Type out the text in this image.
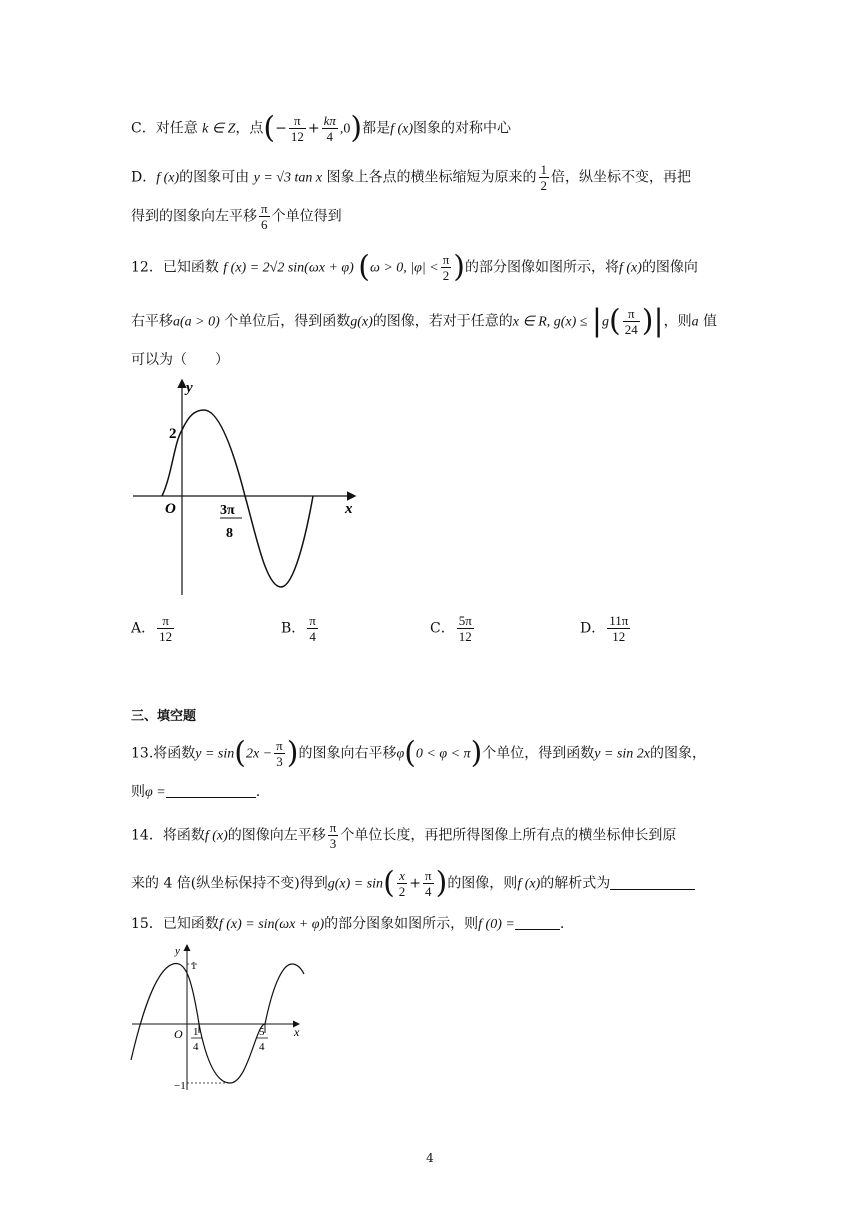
C．对任意 k ∈ Z，点(− $\frac{\pi}{12} + \frac{k\pi}{4} ,0$)都是f (x)图象的对称中心
D．f (x)的图象可由 y = √3 tan x 图象上各点的横坐标缩短为原来的 $\frac{1}{2}$ 倍，纵坐标不变，再把
得到的图象向左平移 $\frac{\pi}{6}$ 个单位得到
12．已知函数 f (x) = 2√2 sin(ωx + φ) (ω > 0, $|\varphi| < \frac{\pi}{2}$ )的部分图像如图所示，将f (x)的图像向
右平移a(a > 0) 个单位后，得到函数g(x)的图像，若对于任意的x ∈ R, $g(x) \le |g( \frac{\pi}{24}$ )|，则a 值
可以为（　　）
y
x
O
2
3π
8
A． $\frac{\pi}{12}$	B． $\frac{\pi}{4}$	C． $\frac{5\pi}{12}$	D． $\frac{11\pi}{12}$
三、填空题
13.将函数$y = \sin(2x - \frac{\pi}{3}$ )的图象向右平移φ(0 < φ < π)个单位，得到函数y = sin 2x的图象，
则φ =	.
14．将函数f (x)的图像向左平移 $\frac{\pi}{3}$ 个单位长度，再把所得图像上所有点的横坐标伸长到原
来的 4 倍(纵坐标保持不变)得到$g(x) = \sin( \frac{x}{2} + \frac{\pi}{4}$ )的图像，则f (x)的解析式为
15．已知函数f (x) = sin(ωx + φ)的部分图象如图所示，则f (0) =	.
y
x
O
1
−1
1
4
5
4
4
